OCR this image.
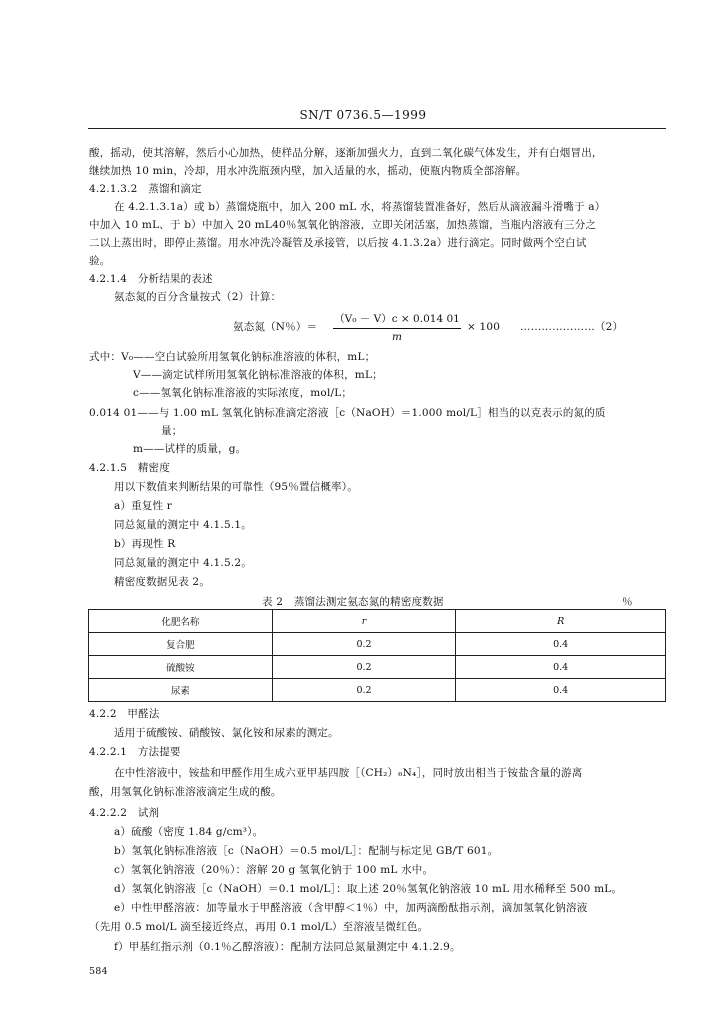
SN/T 0736.5—1999
酸，摇动，使其溶解，然后小心加热，使样品分解，逐渐加强火力，直到二氧化碳气体发生，并有白烟冒出，
继续加热 10 min，冷却，用水冲洗瓶颈内壁，加入适量的水，摇动，使瓶内物质全部溶解。
4.2.1.3.2　蒸馏和滴定
在 4.2.1.3.1a）或 b）蒸馏烧瓶中，加入 200 mL 水，将蒸馏装置准备好，然后从滴液漏斗滑嘴于 a）
中加入 10 mL、于 b）中加入 20 mL40％氢氧化钠溶液，立即关闭活塞，加热蒸馏，当瓶内溶液有三分之
二以上蒸出时，即停止蒸馏。用水冲洗冷凝管及承接管，以后按 4.1.3.2a）进行滴定。同时做两个空白试
验。
4.2.1.4　分析结果的表述
氨态氮的百分含量按式（2）计算：
式中：V₀——空白试验所用氢氧化钠标准溶液的体积，mL；
V——滴定试样所用氢氧化钠标准溶液的体积，mL；
c——氢氧化钠标准溶液的实际浓度，mol/L；
0.014 01——与 1.00 mL 氢氧化钠标准滴定溶液［c（NaOH）＝1.000 mol/L］相当的以克表示的氮的质
量；
m——试样的质量，g。
4.2.1.5　精密度
用以下数值来判断结果的可靠性（95％置信概率）。
a）重复性 r
同总氮量的测定中 4.1.5.1。
b）再现性 R
同总氮量的测定中 4.1.5.2。
精密度数据见表 2。
4.2.2　甲醛法
适用于硫酸铵、硝酸铵、氯化铵和尿素的测定。
4.2.2.1　方法提要
在中性溶液中，铵盐和甲醛作用生成六亚甲基四胺［（CH₂）₆N₄］，同时放出相当于铵盐含量的游离
酸，用氢氧化钠标准溶液滴定生成的酸。
4.2.2.2　试剂
a）硫酸（密度 1.84 g/cm³）。
b）氢氧化钠标准溶液［c（NaOH）＝0.5 mol/L］：配制与标定见 GB/T 601。
c）氢氧化钠溶液（20％）：溶解 20 g 氢氧化钠于 100 mL 水中。
d）氢氧化钠溶液［c（NaOH）＝0.1 mol/L］：取上述 20％氢氧化钠溶液 10 mL 用水稀释至 500 mL。
e）中性甲醛溶液：加等量水于甲醛溶液（含甲醇＜1％）中，加两滴酚酞指示剂，滴加氢氧化钠溶液
（先用 0.5 mol/L 滴至接近终点，再用 0.1 mol/L）至溶液呈微红色。
f）甲基红指示剂（0.1％乙醇溶液）：配制方法同总氮量测定中 4.1.2.9。
氨态氮（N％）＝
（V₀ － V）c × 0.014 01
m
× 100 …………………（2）
表 2　蒸馏法测定氨态氮的精密度数据	％
化肥名称	r	R
复合肥	0.2	0.4
硫酸铵	0.2	0.4
尿素	0.2	0.4
584
